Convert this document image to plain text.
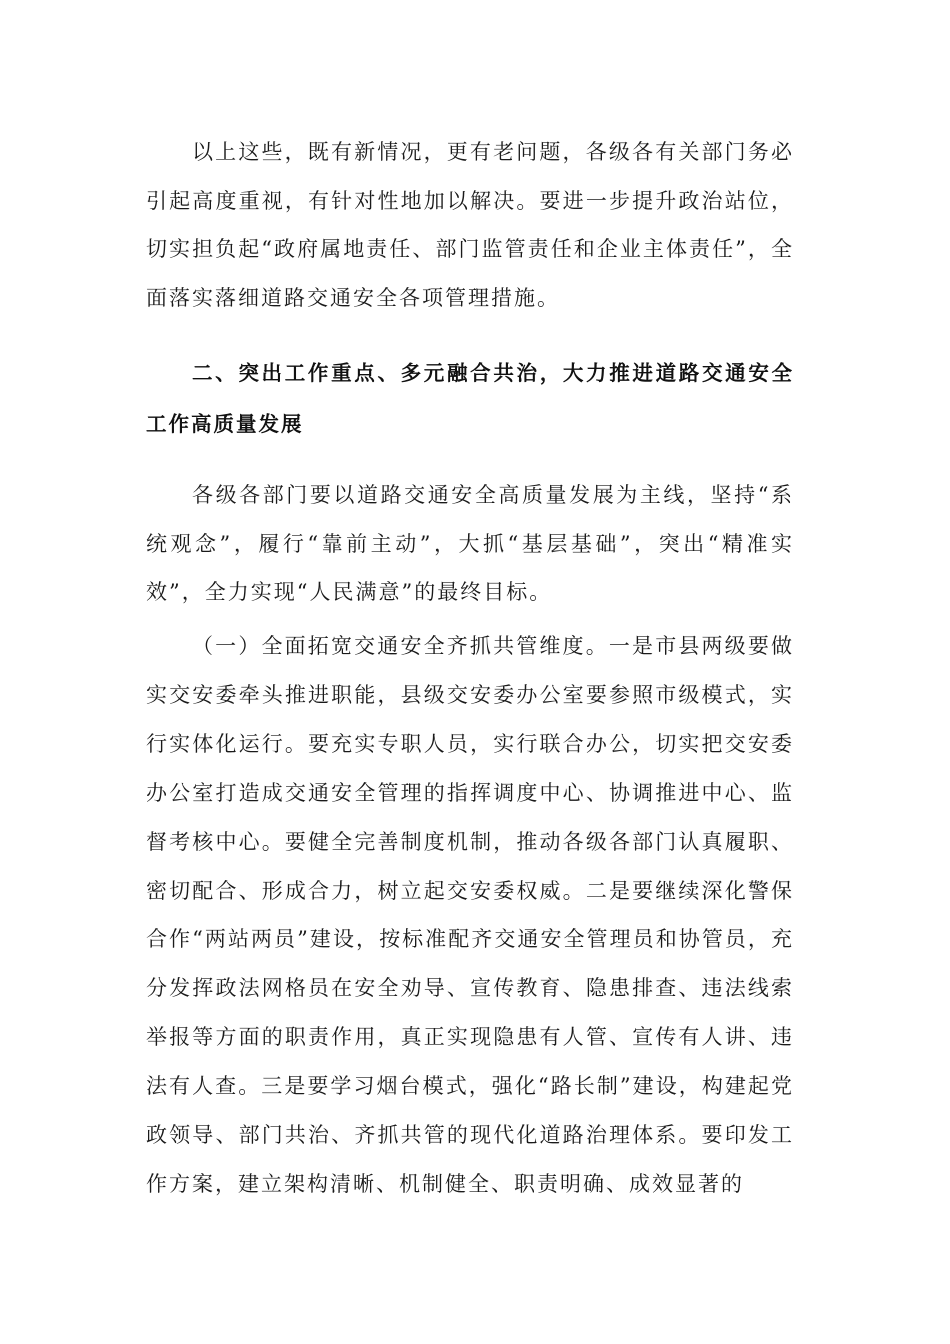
以上这些，既有新情况，更有老问题，各级各有关部门务必引起高度重视，有针对性地加以解决。要进一步提升政治站位，切实担负起“政府属地责任、部门监管责任和企业主体责任”，全面落实落细道路交通安全各项管理措施。

二、突出工作重点、多元融合共治，大力推进道路交通安全工作高质量发展

各级各部门要以道路交通安全高质量发展为主线，坚持“系统观念”，履行“靠前主动”，大抓“基层基础”，突出“精准实效”，全力实现“人民满意”的最终目标。

（一）全面拓宽交通安全齐抓共管维度。一是市县两级要做实交安委牵头推进职能，县级交安委办公室要参照市级模式，实行实体化运行。要充实专职人员，实行联合办公，切实把交安委办公室打造成交通安全管理的指挥调度中心、协调推进中心、监督考核中心。要健全完善制度机制，推动各级各部门认真履职、密切配合、形成合力，树立起交安委权威。二是要继续深化警保合作“两站两员”建设，按标准配齐交通安全管理员和协管员，充分发挥政法网格员在安全劝导、宣传教育、隐患排查、违法线索举报等方面的职责作用，真正实现隐患有人管、宣传有人讲、违法有人查。三是要学习烟台模式，强化“路长制”建设，构建起党政领导、部门共治、齐抓共管的现代化道路治理体系。要印发工作方案，建立架构清晰、机制健全、职责明确、成效显著的
